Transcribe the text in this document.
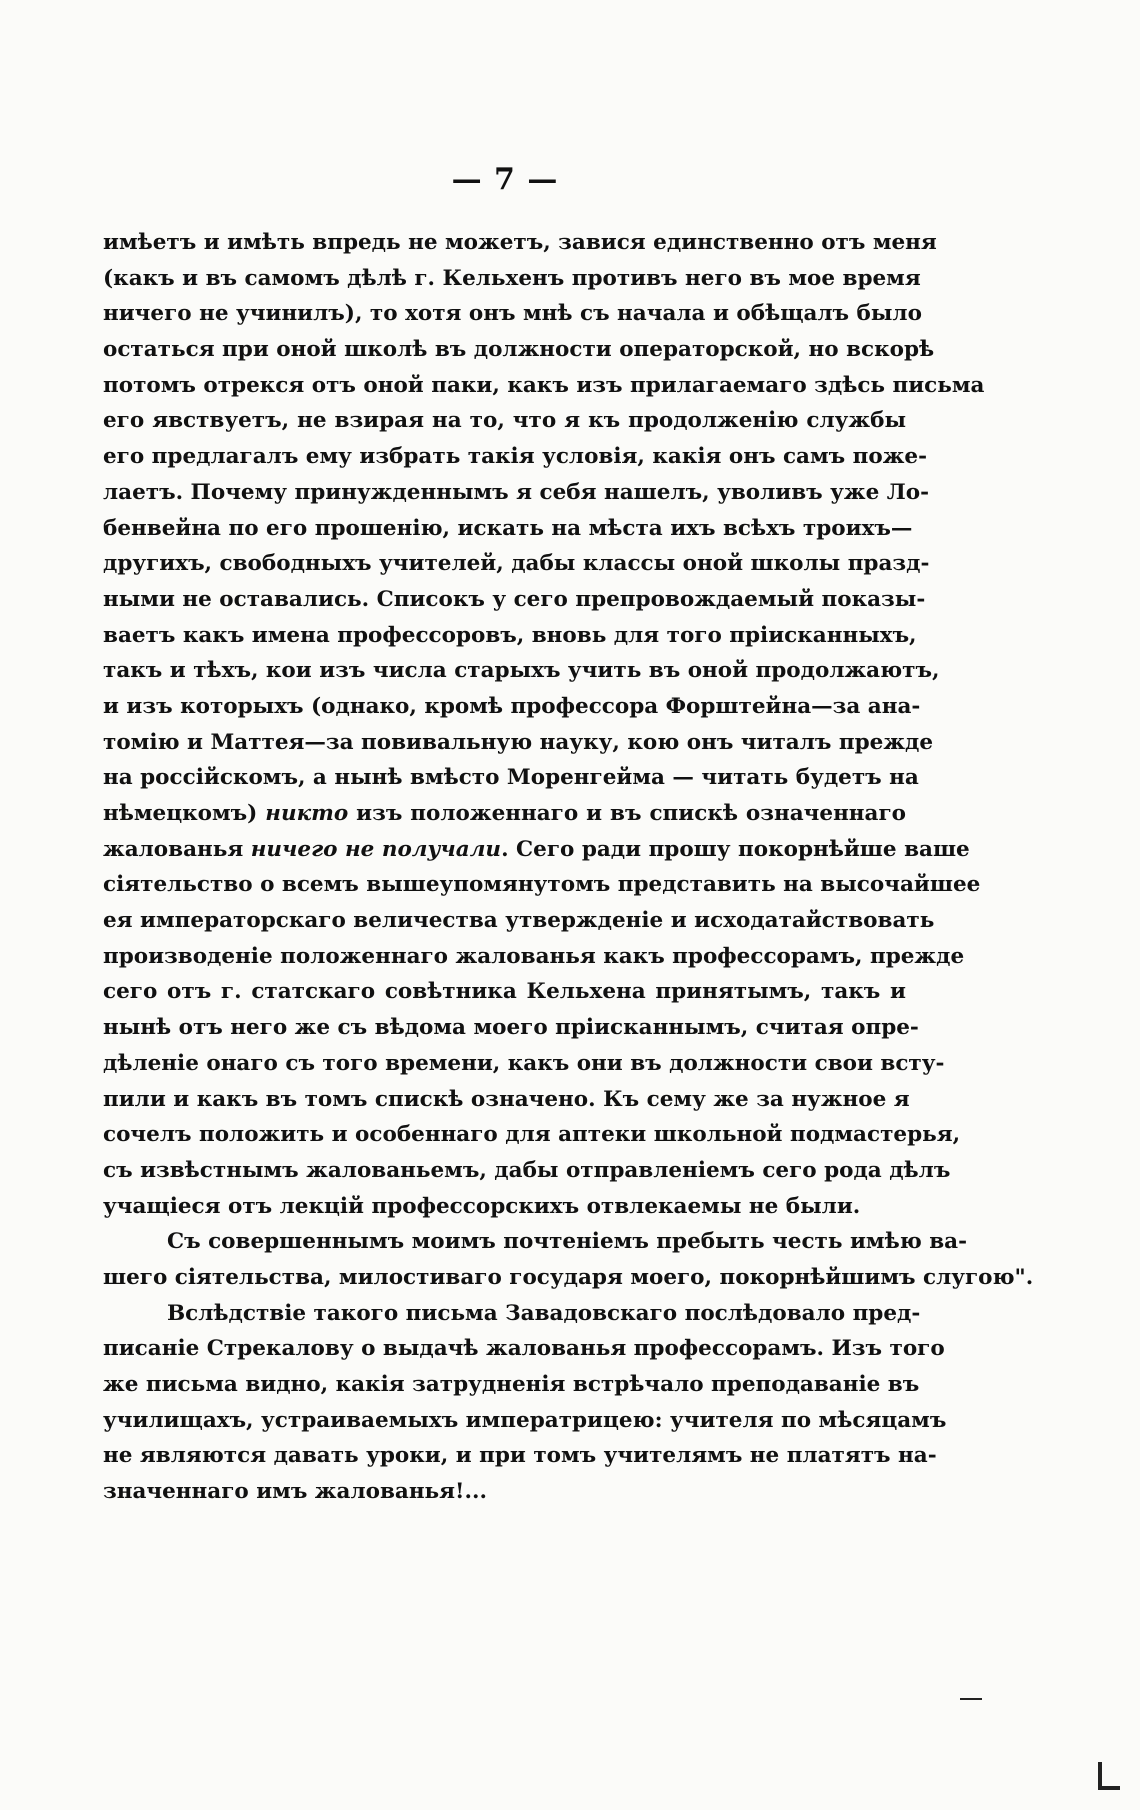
— 7 —
имѣетъ и имѣть впредь не можетъ, завися единственно отъ меня
(какъ и въ самомъ дѣлѣ г. Кельхенъ противъ него въ мое время
ничего не учинилъ), то хотя онъ мнѣ съ начала и обѣщалъ было
остаться при оной школѣ въ должности операторской, но вскорѣ
потомъ отрекся отъ оной паки, какъ изъ прилагаемаго здѣсь письма
его явствуетъ, не взирая на то, что я къ продолженію службы
его предлагалъ ему избрать такія условія, какія онъ самъ поже-
лаетъ. Почему принужденнымъ я себя нашелъ, уволивъ уже Ло-
бенвейна по его прошенію, искать на мѣста ихъ всѣхъ троихъ—
другихъ, свободныхъ учителей, дабы классы оной школы празд-
ными не оставались. Списокъ у сего препровождаемый показы-
ваетъ какъ имена профессоровъ, вновь для того пріисканныхъ,
такъ и тѣхъ, кои изъ числа старыхъ учить въ оной продолжаютъ,
и изъ которыхъ (однако, кромѣ профессора Форштейна—за ана-
томію и Маттея—за повивальную науку, кою онъ читалъ прежде
на россійскомъ, а нынѣ вмѣсто Моренгейма — читать будетъ на
нѣмецкомъ) никто изъ положеннаго и въ спискѣ означеннаго
жалованья ничего не получали. Сего ради прошу покорнѣйше ваше
сіятельство о всемъ вышеупомянутомъ представить на высочайшее
ея императорскаго величества утвержденіе и исходатайствовать
производеніе положеннаго жалованья какъ профессорамъ, прежде
сего отъ г. статскаго совѣтника Кельхена принятымъ, такъ и
нынѣ отъ него же съ вѣдома моего пріисканнымъ, считая опре-
дѣленіе онаго съ того времени, какъ они въ должности свои всту-
пили и какъ въ томъ спискѣ означено. Къ сему же за нужное я
сочелъ положить и особеннаго для аптеки школьной подмастерья,
съ извѣстнымъ жалованьемъ, дабы отправленіемъ сего рода дѣлъ
учащіеся отъ лекцій профессорскихъ отвлекаемы не были.
Съ совершеннымъ моимъ почтеніемъ пребыть честь имѣю ва-
шего сіятельства, милостиваго государя моего, покорнѣйшимъ слугою".
Вслѣдствіе такого письма Завадовскаго послѣдовало пред-
писаніе Стрекалову о выдачѣ жалованья профессорамъ. Изъ того
же письма видно, какія затрудненія встрѣчало преподаваніе въ
училищахъ, устраиваемыхъ императрицею: учителя по мѣсяцамъ
не являются давать уроки, и при томъ учителямъ не платятъ на-
значеннаго имъ жалованья!...
